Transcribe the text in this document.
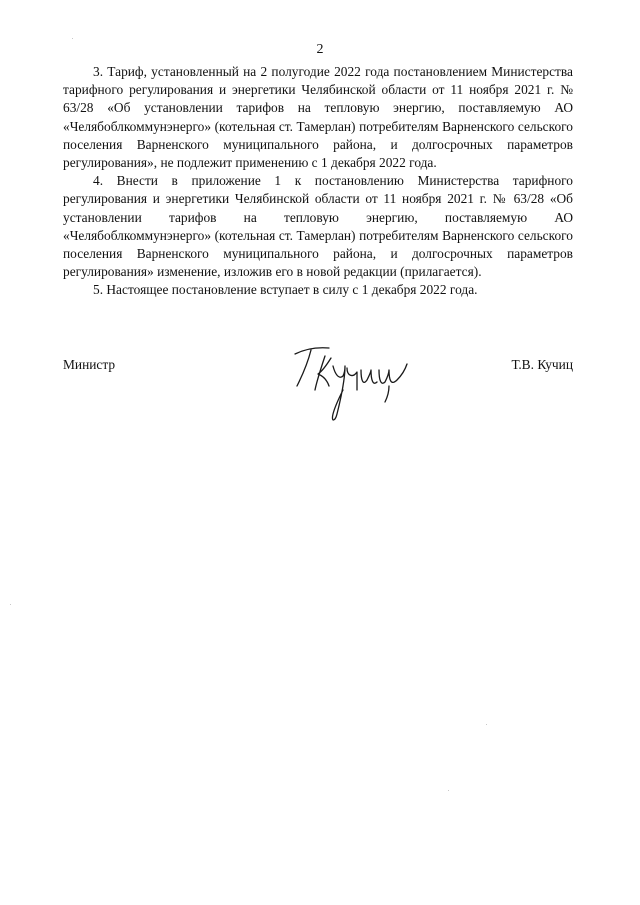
2

3. Тариф, установленный на 2 полугодие 2022 года постановлением Министерства тарифного регулирования и энергетики Челябинской области от 11 ноября 2021 г. № 63/28 «Об установлении тарифов на тепловую энергию, поставляемую АО «Челябоблкоммунэнерго» (котельная ст. Тамерлан) потребителям Варненского сельского поселения Варненского муниципального района, и долгосрочных параметров регулирования», не подлежит применению с 1 декабря 2022 года.

4. Внести в приложение 1 к постановлению Министерства тарифного регулирования и энергетики Челябинской области от 11 ноября 2021 г. № 63/28 «Об установлении тарифов на тепловую энергию, поставляемую АО «Челябоблкоммунэнерго» (котельная ст. Тамерлан) потребителям Варненского сельского поселения Варненского муниципального района, и долгосрочных параметров регулирования» изменение, изложив его в новой редакции (прилагается).

5. Настоящее постановление вступает в силу с 1 декабря 2022 года.

Министр	Т.В. Кучиц
